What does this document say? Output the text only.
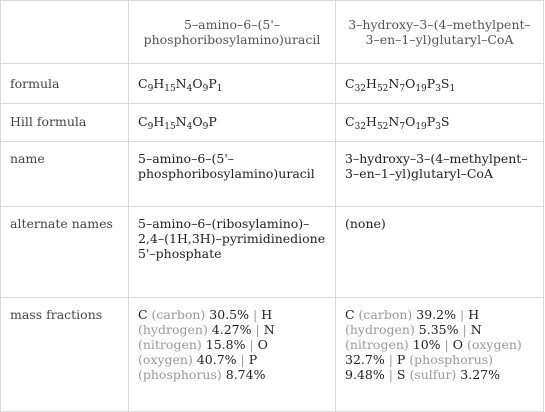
	5–amino–6–(5'–phosphoribosylamino)uracil	3–hydroxy–3–(4–methylpent–3–en–1–yl)glutaryl–CoA
formula	$C_9H_{15}N_4O_9P_1$	$C_{32}H_{52}N_7O_{19}P_3S_1$
Hill formula	$C_9H_{15}N_4O_9P$	$C_{32}H_{52}N_7O_{19}P_3S$
name	5–amino–6–(5'–phosphoribosylamino)uracil	3–hydroxy–3–(4–methylpent–3–en–1–yl)glutaryl–CoA
alternate names	5–amino–6–(ribosylamino)–2,4–(1H,3H)–pyrimidinedione 5'–phosphate	(none)
mass fractions	C (carbon) 30.5% | H (hydrogen) 4.27% | N (nitrogen) 15.8% | O (oxygen) 40.7% | P (phosphorus) 8.74%	C (carbon) 39.2% | H (hydrogen) 5.35% | N (nitrogen) 10% | O (oxygen) 32.7% | P (phosphorus) 9.48% | S (sulfur) 3.27%
